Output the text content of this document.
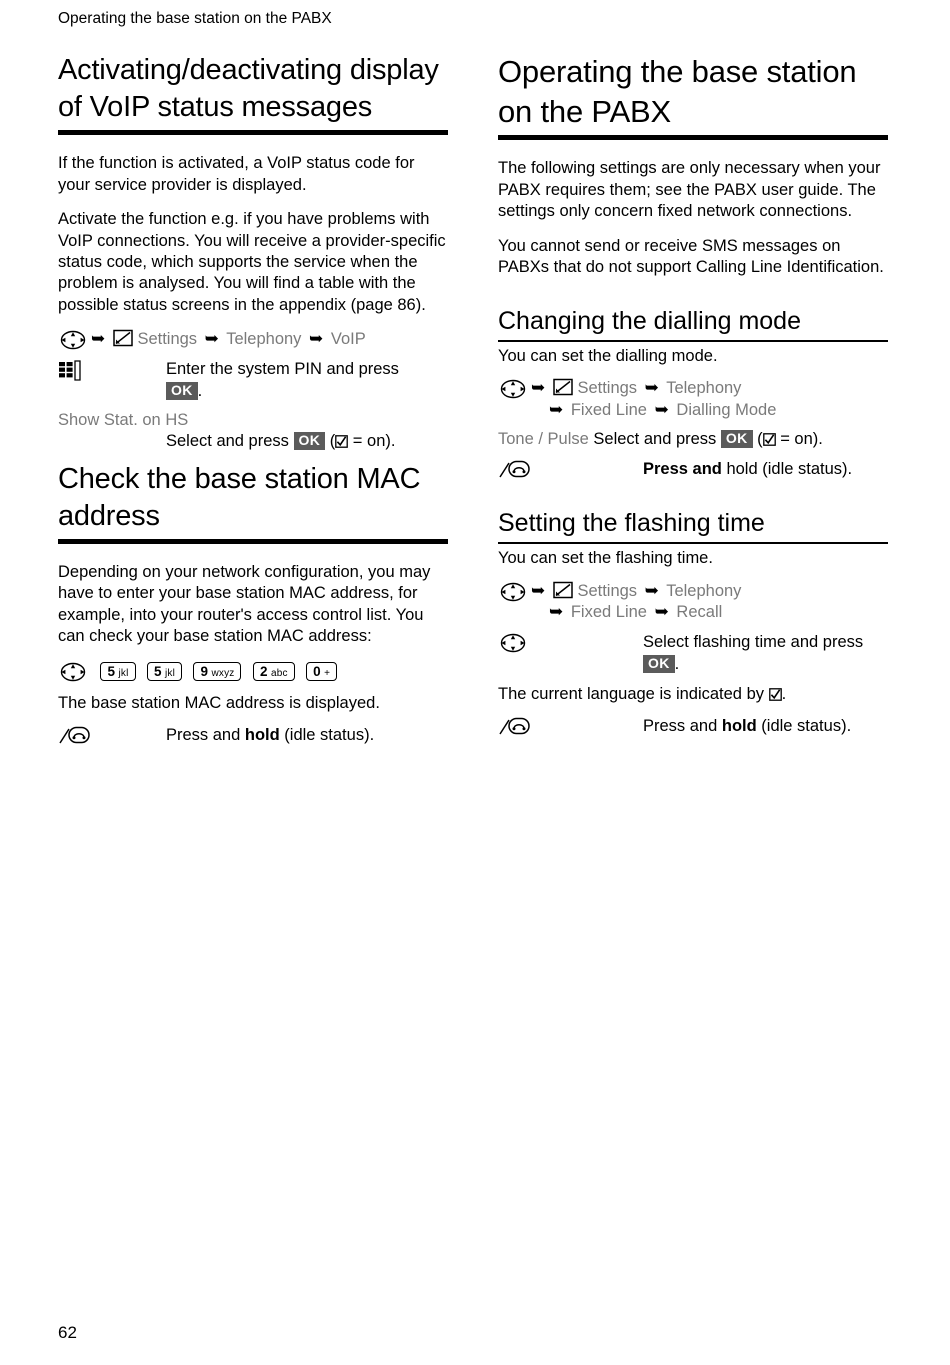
Operating the base station on the PABX
Activating/deactivating display of VoIP status messages

If the function is activated, a VoIP status code for your service provider is displayed.

Activate the function e.g. if you have problems with VoIP connections. You will receive a provider-specific status code, which supports the service when the problem is analysed. You will find a table with the possible status screens in the appendix (page 86).

➥ Settings ➥ Telephony ➥ VoIP
Enter the system PIN and press
OK .
Show Stat. on HS
Select and press OK ( = on).
Check the base station MAC address

Depending on your network configuration, you may have to enter your base station MAC address, for example, into your router's access control list. You can check your base station MAC address:

5 jkl 5 jkl 9 wxyz 2 abc 0 +

The base station MAC address is displayed.

Press and hold (idle status).
Operating the base station on the PABX

The following settings are only necessary when your PABX requires them; see the PABX user guide. The settings only concern fixed network connections.

You cannot send or receive SMS messages on PABXs that do not support Calling Line Identification.

Changing the dialling mode

You can set the dialling mode.

➥ Settings ➥ Telephony
➥ Fixed Line ➥ Dialling Mode
Tone / Pulse Select and press OK ( = on).
Press and hold (idle status).
Setting the flashing time

You can set the flashing time.

➥ Settings ➥ Telephony
➥ Fixed Line ➥ Recall
Select flashing time and press
OK .

The current language is indicated by
.

Press and hold (idle status).
62
